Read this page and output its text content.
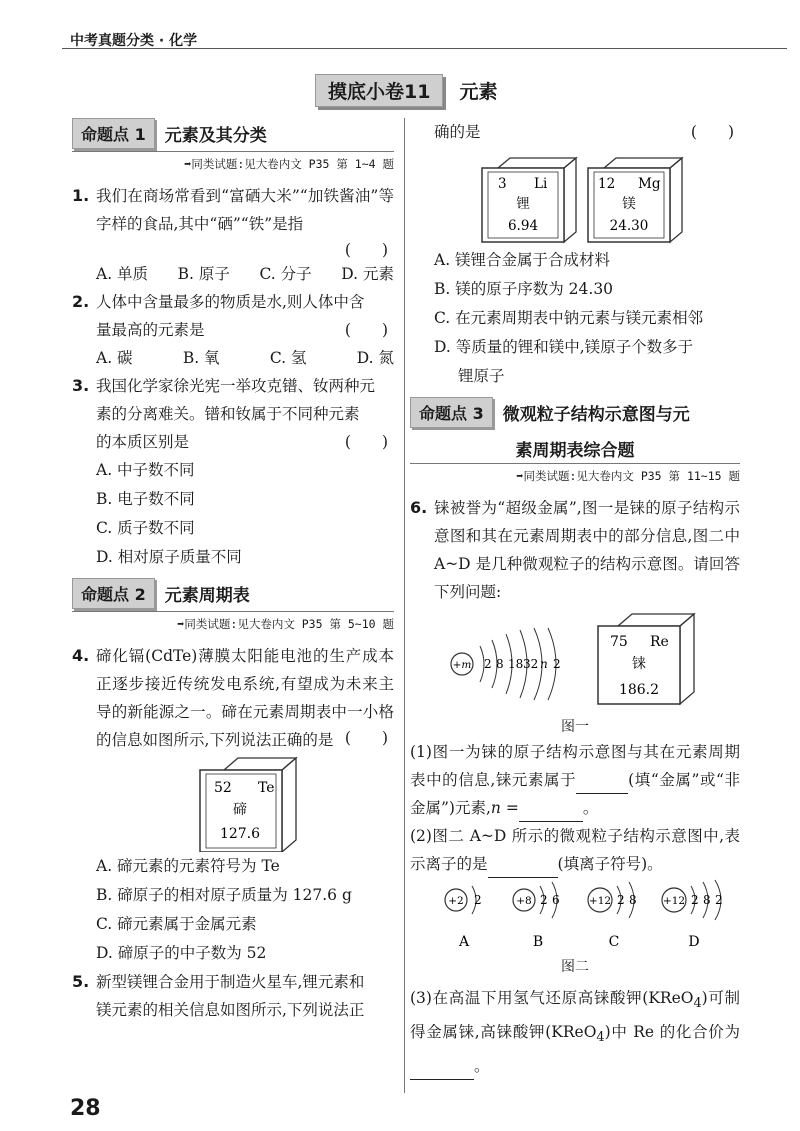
中考真题分类 · 化学
摸底小卷11	元素
命题点 1	元素及其分类
➡同类试题:见大卷内文 P35 第 1~4 题
1. 我们在商场常看到“富硒大米”“加铁酱油”等字样的食品,其中“硒”“铁”是指
(　　)
A. 单质 B. 原子 C. 分子 D. 元素
2. 人体中含量最多的物质是水,则人体中含
量最高的元素是	(　　)
A. 碳	B. 氧	C. 氢	D. 氮
3. 我国化学家徐光宪一举攻克镨、钕两种元
素的分离难关。镨和钕属于不同种元素
的本质区别是	(　　)
A. 中子数不同
B. 电子数不同
C. 质子数不同
D. 相对原子质量不同
命题点 2	元素周期表
➡同类试题:见大卷内文 P35 第 5~10 题
4. 碲化镉(CdTe)薄膜太阳能电池的生产成本正逐步接近传统发电系统,有望成为未来主导的新能源之一。碲在元素周期表中一小格的信息如图所示,下列说法正确的是 (　　)
52 Te
碲
127.6
A. 碲元素的元素符号为 Te
B. 碲原子的相对原子质量为 127.6 g
C. 碲元素属于金属元素
D. 碲原子的中子数为 52
5. 新型镁锂合金用于制造火星车,锂元素和
镁元素的相关信息如图所示,下列说法正
确的是	(　　)
3 Li
锂
6.94
12 Mg
镁
24.30
A. 镁锂合金属于合成材料
B. 镁的原子序数为 24.30
C. 在元素周期表中钠元素与镁元素相邻
D. 等质量的锂和镁中,镁原子个数多于
锂原子
命题点 3	微观粒子结构示意图与元
素周期表综合题
➡同类试题:见大卷内文 P35 第 11~15 题
6. 铼被誉为“超级金属”,图一是铼的原子结构示意图和其在元素周期表中的部分信息,图二中 A~D 是几种微观粒子的结构示意图。请回答下列问题:
+m 2 8 18 32 n 2
75 Re
铼
186.2
图一
(1)图一为铼的原子结构示意图与其在元素周期表中的信息,铼元素属于	(填“金属”或“非金属”)元素,n =	。
(2)图二 A~D 所示的微观粒子结构示意图中,表示离子的是	(填离子符号)。
+2 2
A
+8 2 6
B
+12 2 8
C
+12 2 8 2
D
图二
(3)在高温下用氢气还原高铼酸钾(KReO$_4$)可制得金属铼,高铼酸钾(KReO$_4$)中 Re 的化合价为。
28
